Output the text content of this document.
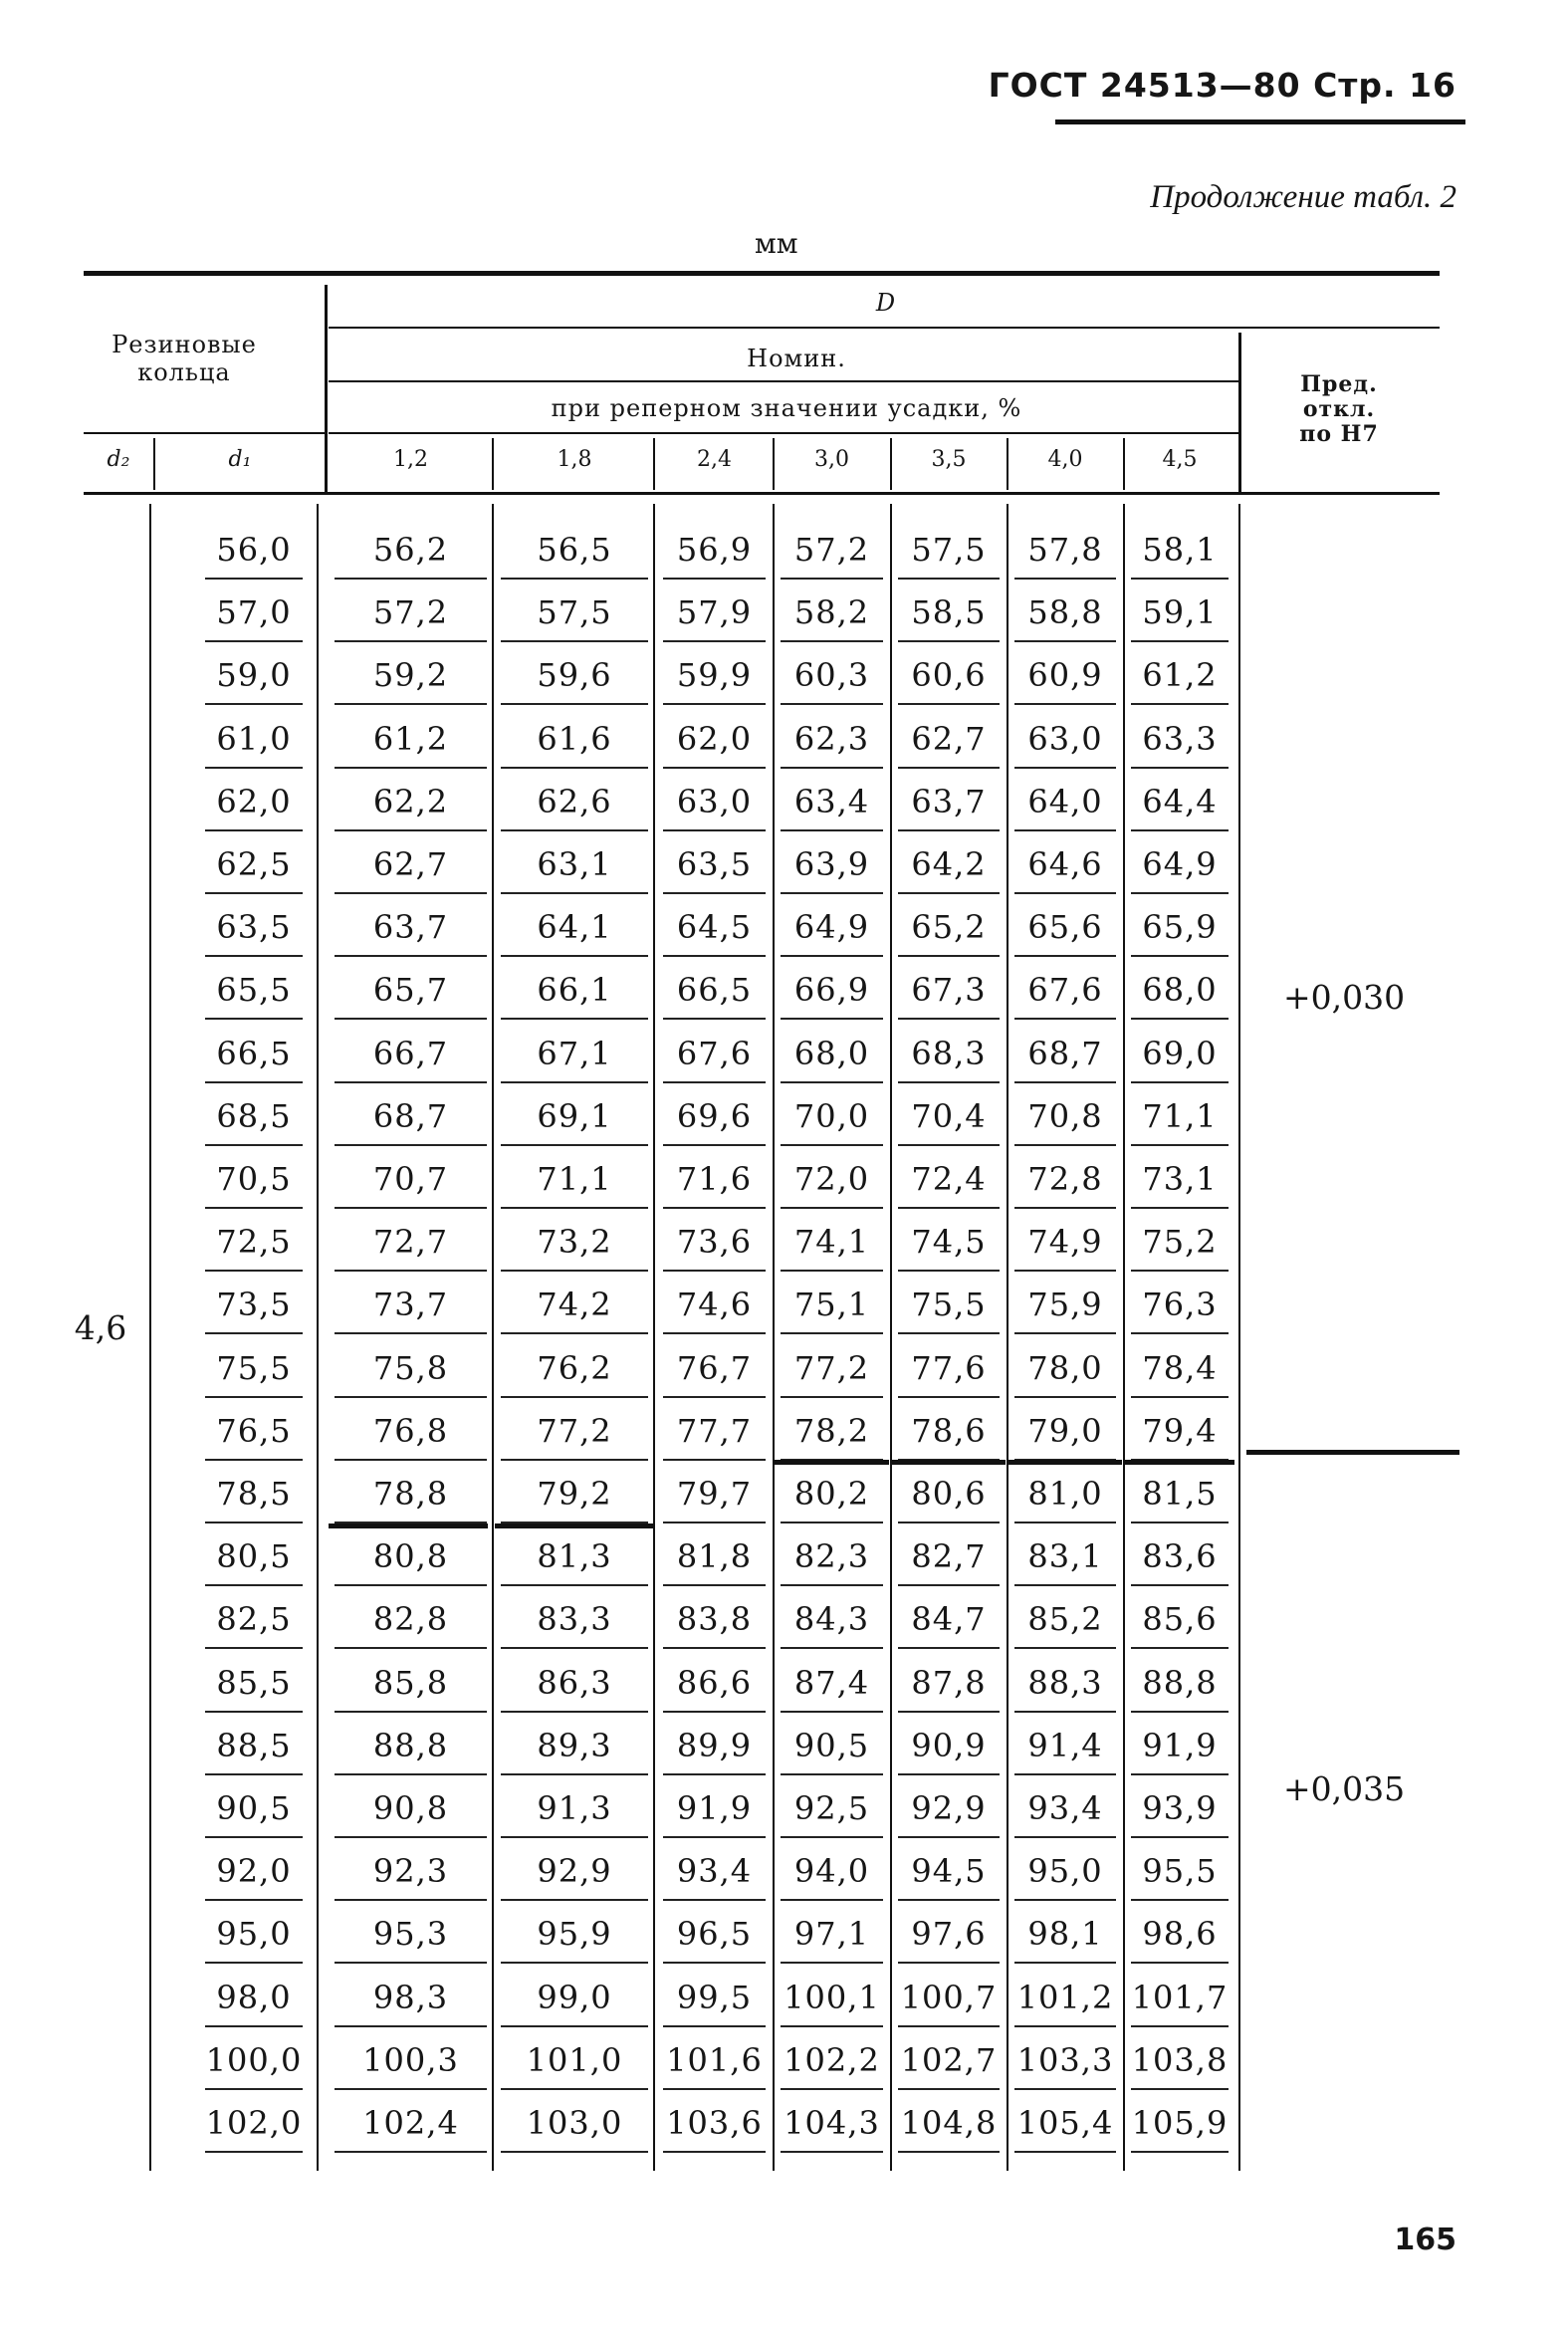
ГОСТ 24513—80 Стр. 16
Продолжение табл. 2
мм
Резиновые кольца
D
Номин.
при реперном значении усадки, %
Пред. откл. по Н7
d₂	d₁	1,2	1,8	2,4	3,0	3,5	4,0	4,5
56,0	56,2	56,5	56,9	57,2	57,5	57,8	58,1
57,0	57,2	57,5	57,9	58,2	58,5	58,8	59,1
59,0	59,2	59,6	59,9	60,3	60,6	60,9	61,2
61,0	61,2	61,6	62,0	62,3	62,7	63,0	63,3
62,0	62,2	62,6	63,0	63,4	63,7	64,0	64,4
62,5	62,7	63,1	63,5	63,9	64,2	64,6	64,9
63,5	63,7	64,1	64,5	64,9	65,2	65,6	65,9
65,5	65,7	66,1	66,5	66,9	67,3	67,6	68,0
66,5	66,7	67,1	67,6	68,0	68,3	68,7	69,0
68,5	68,7	69,1	69,6	70,0	70,4	70,8	71,1
70,5	70,7	71,1	71,6	72,0	72,4	72,8	73,1
72,5	72,7	73,2	73,6	74,1	74,5	74,9	75,2
73,5	73,7	74,2	74,6	75,1	75,5	75,9	76,3
75,5	75,8	76,2	76,7	77,2	77,6	78,0	78,4
76,5	76,8	77,2	77,7	78,2	78,6	79,0	79,4
78,5	78,8	79,2	79,7	80,2	80,6	81,0	81,5
80,5	80,8	81,3	81,8	82,3	82,7	83,1	83,6
82,5	82,8	83,3	83,8	84,3	84,7	85,2	85,6
85,5	85,8	86,3	86,6	87,4	87,8	88,3	88,8
88,5	88,8	89,3	89,9	90,5	90,9	91,4	91,9
90,5	90,8	91,3	91,9	92,5	92,9	93,4	93,9
92,0	92,3	92,9	93,4	94,0	94,5	95,0	95,5
95,0	95,3	95,9	96,5	97,1	97,6	98,1	98,6
98,0	98,3	99,0	99,5	100,1 100,7 101,2 101,7
100,0	100,3	101,0	101,6 102,2 102,7 103,3 103,8
102,0	102,4	103,0	103,6 104,3 104,8 105,4 105,9
4,6
+0,030
+0,035
165
